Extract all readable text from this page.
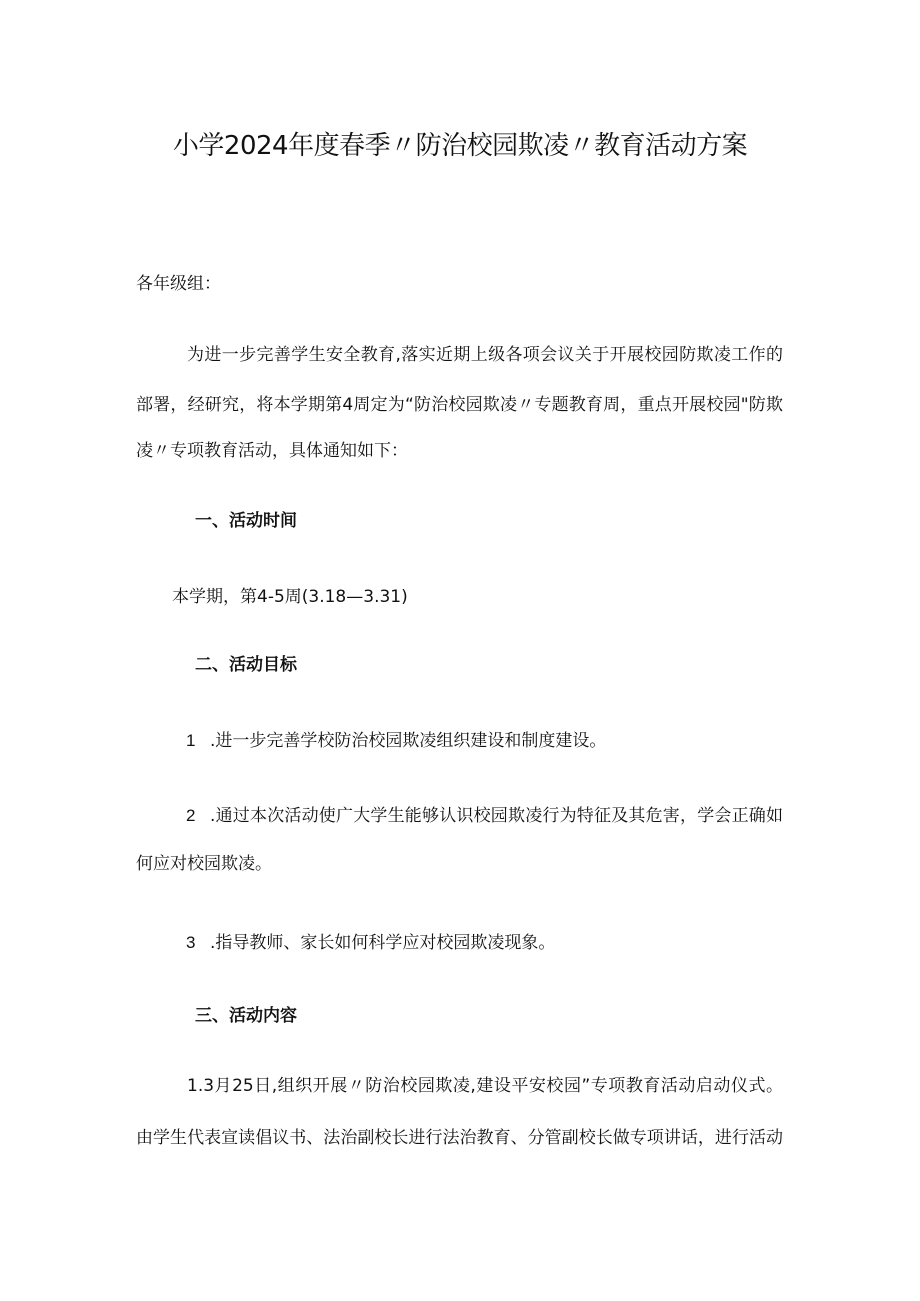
小学2024年度春季〃防治校园欺凌〃教育活动方案
各年级组：
为进一步完善学生安全教育,落实近期上级各项会议关于开展校园防欺凌工作的
部署，经研究，将本学期第4周定为“防治校园欺凌〃专题教育周，重点开展校园"防欺
凌〃专项教育活动，具体通知如下：
一、活动时间
本学期，第4-5周(3.18—3.31)
二、活动目标
1 .进一步完善学校防治校园欺凌组织建设和制度建设。
2 .通过本次活动使广大学生能够认识校园欺凌行为特征及其危害，学会正确如
何应对校园欺凌。
3 .指导教师、家长如何科学应对校园欺凌现象。
三、活动内容
1.3月25日,组织开展〃防治校园欺凌,建设平安校园”专项教育活动启动仪式。
由学生代表宣读倡议书、法治副校长进行法治教育、分管副校长做专项讲话，进行活动
